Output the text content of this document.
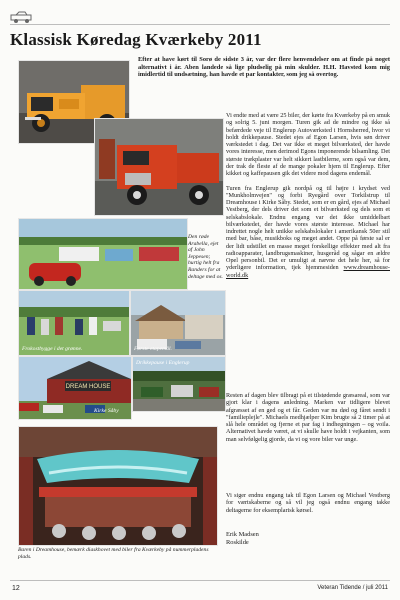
Klassisk Køredag Kværkeby 2011
Efter at have kørt til Sorø de sidste 3 år, var der flere henvendelser om at finde på noget alternativt i år. Aben landede så lige pludselig på min skulder. H.H. Havsted kom mig imidlertid til undsætning, han havde et par kontakter, som jeg så overtog.
Vi endte med at være 25 biler, der kørte fra Kværkeby på en smuk og solrig 5. juni morgen. Turen gik ad de mindre og ikke så befærdede veje til Englerup Autoværksted i Hornsherred, hvor vi holdt drikkepause. Stedet ejes af Egon Larsen, hvis søn driver værkstedet i dag. Det var ikke et meget bilværksted, der havde vores interesse, men derimod Egons imponerende bilsamling. Det største trækplaster var helt sikkert lastbilerne, som også var dem, der trak de fleste af de mange pokaler hjem til Englerup. Efter kikket og kaffepausen gik det videre mod dagens endemål.

Turen fra Englerup gik nordpå og til højre i krydset ved "Munkholmvejen" og forbi Ryegård over Torkilstrup til Dreamhouse i Kirke Såby. Stedet, som er en gård, ejes af Michael Vestberg, der dels driver det som et bilværksted og dels som et selskabslokale. Endnu engang var det ikke umiddelbart bilværkstedet, der havde vores største interesse. Michael har indrettet nogle helt unikke selskabslokaler i amerikansk 50er stil med bar, båse, musikboks og meget andet. Oppe på første sal er der lidt udstillet en masse meget forskellige effekter med alt fra radioapparater, landbrugsmaskiner, husgeråd og sågar en ældre Opel personbil. Det er umuligt at nævne det hele her, så for yderligere information, tjek hjemmesiden www.dreamhouse-world.dk
Den røde Arabella, ejet af John Jeppesen; hurtig helt fra Randers for at deltage med os.
Frokostbygge i det grønne.	Første etapemål.
DREAM HOUSE
Kirke Såby
Drikkepause i Englerup
Resten af dagen blev tilbragt på et tilstødende græsareal, som var gjort klar i dagens anledning. Marken var tidligere blevet afgræsset af en ged og et får. Geden var nu død og fåret sendt i "familieplejle". Michaels medhjælper Kim brugte så 2 timer på at slå hele området og fjerne et par fag i indhegningen – og voila. Alternativet havde været, at vi skulle have holdt i vejkanten, som man selvfølgelig gjorde, da vi og vore biler var unge.
Baren i Dreamhouse, bemærk diaskhovet med biler fra Kværkeby på nummerpladens plads.
Vi siger endnu engang tak til Egon Larsen og Michael Vestberg for værtskaberne og så vil jeg også endnu engang takke deltagerne for eksemplarisk kørsel.
Erik Madsen
Roskilde
12	Veteran Tidende / juli 2011
